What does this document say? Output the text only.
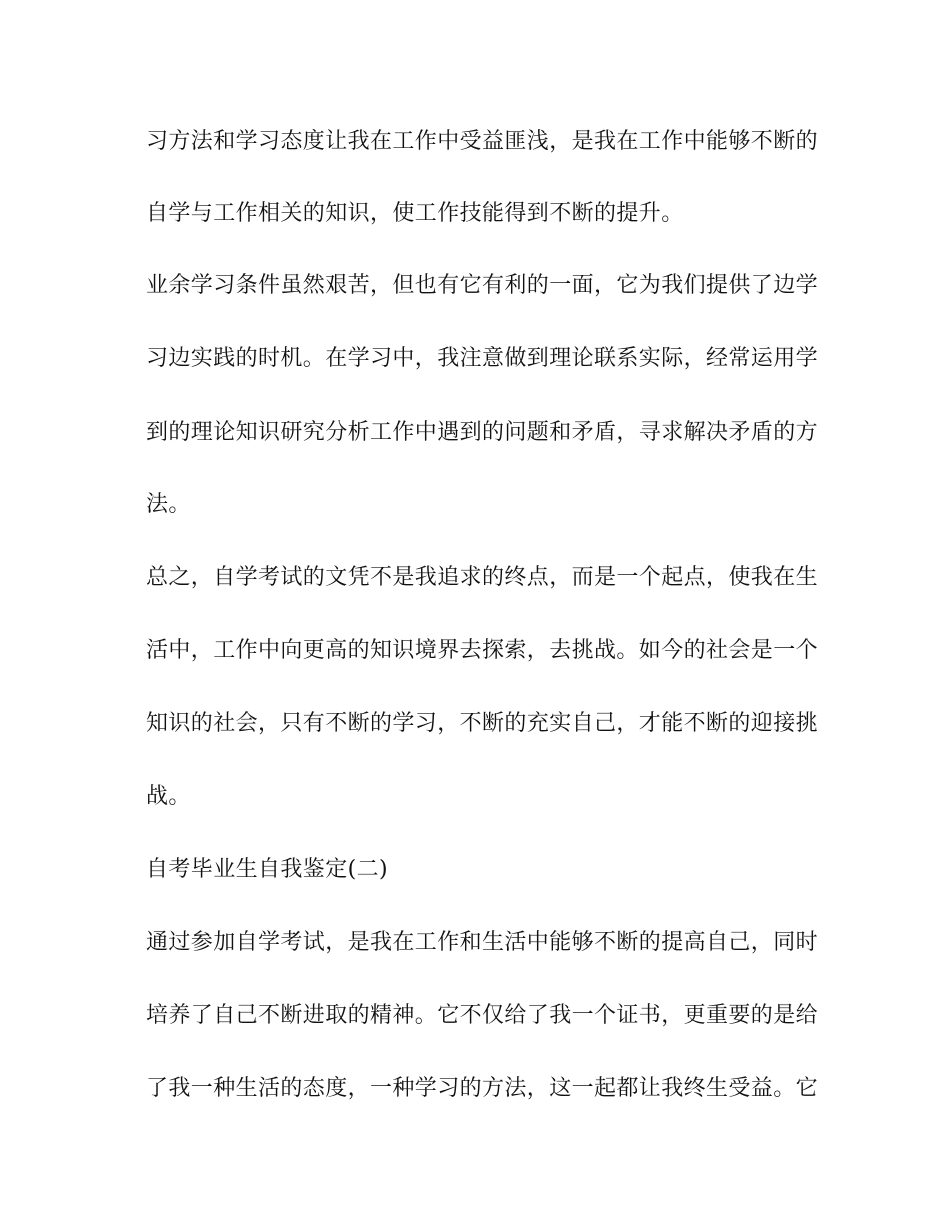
习方法和学习态度让我在工作中受益匪浅，是我在工作中能够不断的

自学与工作相关的知识，使工作技能得到不断的提升。

业余学习条件虽然艰苦，但也有它有利的一面，它为我们提供了边学

习边实践的时机。在学习中，我注意做到理论联系实际，经常运用学

到的理论知识研究分析工作中遇到的问题和矛盾，寻求解决矛盾的方

法。

总之，自学考试的文凭不是我追求的终点，而是一个起点，使我在生

活中，工作中向更高的知识境界去探索，去挑战。如今的社会是一个

知识的社会，只有不断的学习，不断的充实自己，才能不断的迎接挑

战。

自考毕业生自我鉴定(二)

通过参加自学考试，是我在工作和生活中能够不断的提高自己，同时

培养了自己不断进取的精神。它不仅给了我一个证书，更重要的是给

了我一种生活的态度，一种学习的方法，这一起都让我终生受益。它
